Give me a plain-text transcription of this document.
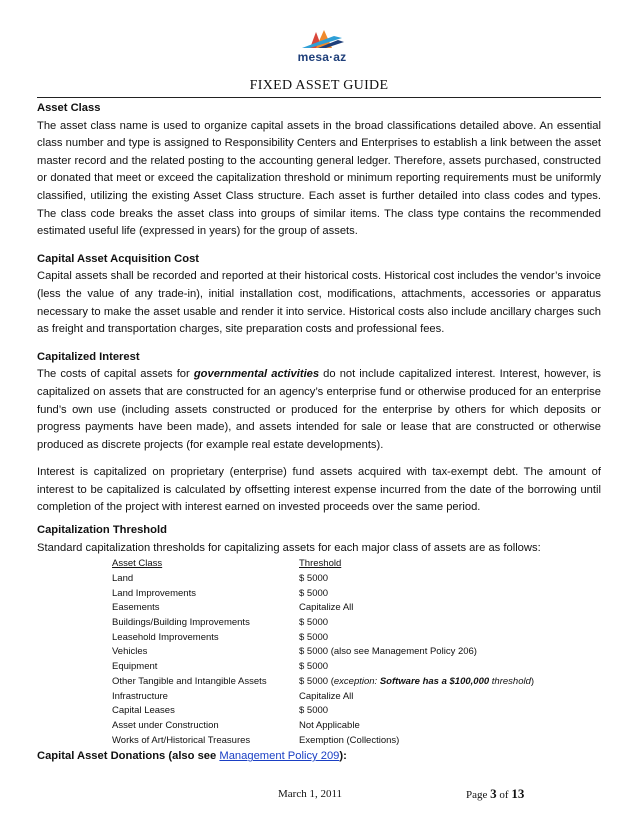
mesa·az
FIXED ASSET GUIDE
Asset Class

The asset class name is used to organize capital assets in the broad classifications detailed above. An essential class number and type is assigned to Responsibility Centers and Enterprises to establish a link between the asset master record and the related posting to the accounting general ledger. Therefore, assets purchased, constructed or donated that meet or exceed the capitalization threshold or minimum reporting requirements must be uniformly classified, utilizing the existing Asset Class structure. Each asset is further detailed into class codes and types. The class code breaks the asset class into groups of similar items. The class type contains the recommended estimated useful life (expressed in years) for the group of assets.

Capital Asset Acquisition Cost

Capital assets shall be recorded and reported at their historical costs. Historical cost includes the vendor’s invoice (less the value of any trade-in), initial installation cost, modifications, attachments, accessories or apparatus necessary to make the asset usable and render it into service. Historical costs also include ancillary charges such as freight and transportation charges, site preparation costs and professional fees.

Capitalized Interest

The costs of capital assets for governmental activities do not include capitalized interest. Interest, however, is capitalized on assets that are constructed for an agency’s enterprise fund or otherwise produced for an enterprise fund’s own use (including assets constructed or produced for the enterprise by others for which deposits or progress payments have been made), and assets intended for sale or lease that are constructed or otherwise produced as discrete projects (for example real estate developments).

Interest is capitalized on proprietary (enterprise) fund assets acquired with tax-exempt debt. The amount of interest to be capitalized is calculated by offsetting interest expense incurred from the date of the borrowing until completion of the project with interest earned on invested proceeds over the same period.

Capitalization Threshold

Standard capitalization thresholds for capitalizing assets for each major class of assets are as follows:

Asset Class	Threshold
Land	$ 5000
Land Improvements	$ 5000
Easements	Capitalize All
Buildings/Building Improvements	$ 5000
Leasehold Improvements	$ 5000
Vehicles	$ 5000 (also see Management Policy 206)
Equipment	$ 5000
Other Tangible and Intangible Assets	$ 5000 (exception: Software has a $100,000 threshold)
Infrastructure	Capitalize All
Capital Leases	$ 5000
Asset under Construction	Not Applicable
Works of Art/Historical Treasures	Exemption (Collections)
Capital Asset Donations (also see Management Policy 209):
March 1, 2011	Page 3 of 13
